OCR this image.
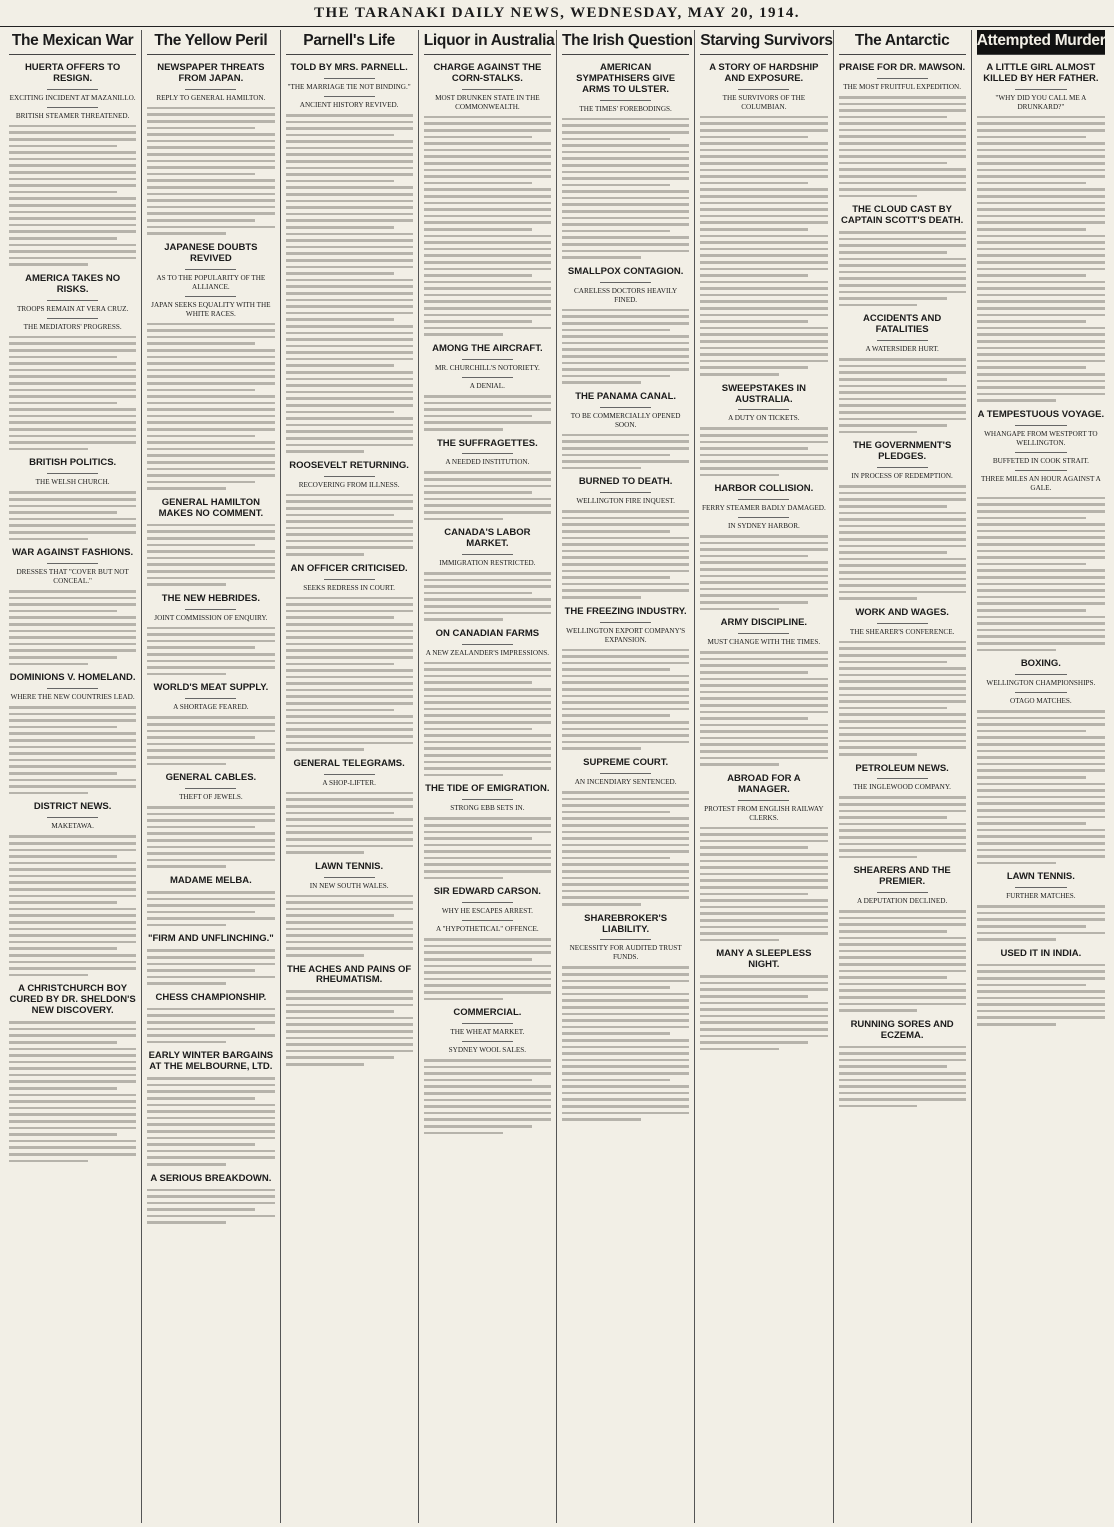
THE TARANAKI DAILY NEWS, WEDNESDAY, MAY 20, 1914.
The Mexican War
HUERTA OFFERS TO RESIGN.
EXCITING INCIDENT AT MAZANILLO.
BRITISH STEAMER THREATENED.
AMERICA TAKES NO RISKS.
TROOPS REMAIN AT VERA CRUZ.
THE MEDIATORS' PROGRESS.
BRITISH POLITICS.
THE WELSH CHURCH.
WAR AGAINST FASHIONS.
DRESSES THAT "COVER BUT NOT CONCEAL."
DOMINIONS V. HOMELAND.
WHERE THE NEW COUNTRIES LEAD.
DISTRICT NEWS.
MAKETAWA.
A CHRISTCHURCH BOY CURED BY DR. SHELDON'S NEW DISCOVERY.
The Yellow Peril
NEWSPAPER THREATS FROM JAPAN.
REPLY TO GENERAL HAMILTON.
JAPANESE DOUBTS REVIVED
AS TO THE POPULARITY OF THE ALLIANCE.
JAPAN SEEKS EQUALITY WITH THE WHITE RACES.
GENERAL HAMILTON MAKES NO COMMENT.
THE NEW HEBRIDES.
JOINT COMMISSION OF ENQUIRY.
WORLD'S MEAT SUPPLY.
A SHORTAGE FEARED.
GENERAL CABLES.
THEFT OF JEWELS.
MADAME MELBA.
"FIRM AND UNFLINCHING."
CHESS CHAMPIONSHIP.
EARLY WINTER BARGAINS AT THE MELBOURNE, LTD.
A SERIOUS BREAKDOWN.
Parnell's Life
TOLD BY MRS. PARNELL.
"THE MARRIAGE TIE NOT BINDING."
ANCIENT HISTORY REVIVED.
ROOSEVELT RETURNING.
RECOVERING FROM ILLNESS.
AN OFFICER CRITICISED.
SEEKS REDRESS IN COURT.
GENERAL TELEGRAMS.
A SHOP-LIFTER.
LAWN TENNIS.
IN NEW SOUTH WALES.
THE ACHES AND PAINS OF RHEUMATISM.
Liquor in Australia
CHARGE AGAINST THE CORN-STALKS.
MOST DRUNKEN STATE IN THE COMMONWEALTH.
AMONG THE AIRCRAFT.
MR. CHURCHILL'S NOTORIETY.
A DENIAL.
THE SUFFRAGETTES.
A NEEDED INSTITUTION.
CANADA'S LABOR MARKET.
IMMIGRATION RESTRICTED.
ON CANADIAN FARMS
A NEW ZEALANDER'S IMPRESSIONS.
THE TIDE OF EMIGRATION.
STRONG EBB SETS IN.
SIR EDWARD CARSON.
WHY HE ESCAPES ARREST.
A "HYPOTHETICAL" OFFENCE.
COMMERCIAL.
THE WHEAT MARKET.
SYDNEY WOOL SALES.
The Irish Question
AMERICAN SYMPATHISERS GIVE ARMS TO ULSTER.
THE TIMES' FOREBODINGS.
SMALLPOX CONTAGION.
CARELESS DOCTORS HEAVILY FINED.
THE PANAMA CANAL.
TO BE COMMERCIALLY OPENED SOON.
BURNED TO DEATH.
WELLINGTON FIRE INQUEST.
THE FREEZING INDUSTRY.
WELLINGTON EXPORT COMPANY'S EXPANSION.
SUPREME COURT.
AN INCENDIARY SENTENCED.
SHAREBROKER'S LIABILITY.
NECESSITY FOR AUDITED TRUST FUNDS.
Starving Survivors
A STORY OF HARDSHIP AND EXPOSURE.
THE SURVIVORS OF THE COLUMBIAN.
SWEEPSTAKES IN AUSTRALIA.
A DUTY ON TICKETS.
HARBOR COLLISION.
FERRY STEAMER BADLY DAMAGED.
IN SYDNEY HARBOR.
ARMY DISCIPLINE.
MUST CHANGE WITH THE TIMES.
ABROAD FOR A MANAGER.
PROTEST FROM ENGLISH RAILWAY CLERKS.
MANY A SLEEPLESS NIGHT.
The Antarctic
PRAISE FOR DR. MAWSON.
THE MOST FRUITFUL EXPEDITION.
THE CLOUD CAST BY CAPTAIN SCOTT'S DEATH.
ACCIDENTS AND FATALITIES
A WATERSIDER HURT.
THE GOVERNMENT'S PLEDGES.
IN PROCESS OF REDEMPTION.
WORK AND WAGES.
THE SHEARER'S CONFERENCE.
PETROLEUM NEWS.
THE INGLEWOOD COMPANY.
SHEARERS AND THE PREMIER.
A DEPUTATION DECLINED.
RUNNING SORES AND ECZEMA.
Attempted Murder
A LITTLE GIRL ALMOST KILLED BY HER FATHER.
"WHY DID YOU CALL ME A DRUNKARD?"
A TEMPESTUOUS VOYAGE.
WHANGAPE FROM WESTPORT TO WELLINGTON.
BUFFETED IN COOK STRAIT.
THREE MILES AN HOUR AGAINST A GALE.
BOXING.
WELLINGTON CHAMPIONSHIPS.
OTAGO MATCHES.
LAWN TENNIS.
FURTHER MATCHES.
USED IT IN INDIA.
